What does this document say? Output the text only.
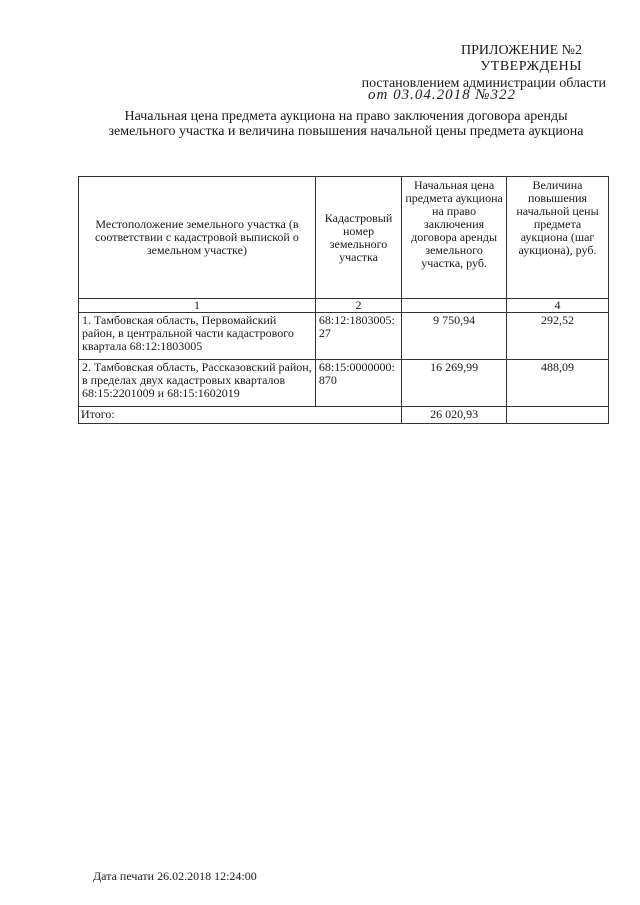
ПРИЛОЖЕНИЕ №2
УТВЕРЖДЕНЫ
постановлением администрации области
от 03.04.2018 №322
Начальная цена предмета аукциона на право заключения договора аренды земельного участка и величина повышения начальной цены предмета аукциона
Местоположение земельного участка (в соответствии с кадастровой выпиской о земельном участке)	Кадастровый номер земельного участка	Начальная цена предмета аукциона на право заключения договора аренды земельного участка, руб.	Величина повышения начальной цены предмета аукциона (шаг аукциона), руб.
1	2		4
1. Тамбовская область, Первомайский район, в центральной части кадастрового квартала 68:12:1803005	68:12:1803005:27	9 750,94	292,52
2. Тамбовская область, Рассказовский район, в пределах двух кадастровых кварталов 68:15:2201009 и 68:15:1602019	68:15:0000000:870	16 269,99	488,09
Итого:		26 020,93	
Дата печати 26.02.2018 12:24:00
